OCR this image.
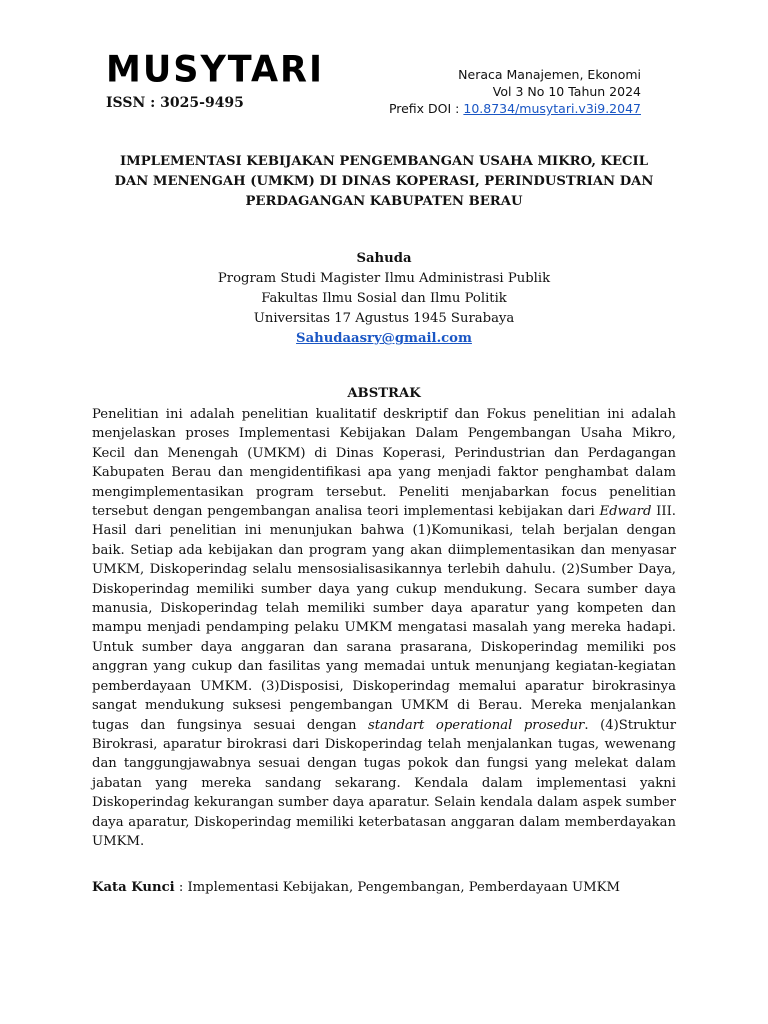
MUSYTARI
ISSN : 3025-9495
Neraca Manajemen, Ekonomi
Vol 3 No 10 Tahun 2024
Prefix DOI : 10.8734/musytari.v3i9.2047
IMPLEMENTASI KEBIJAKAN PENGEMBANGAN USAHA MIKRO, KECIL
DAN MENENGAH (UMKM) DI DINAS KOPERASI, PERINDUSTRIAN DAN
PERDAGANGAN KABUPATEN BERAU
Sahuda
Program Studi Magister Ilmu Administrasi Publik
Fakultas Ilmu Sosial dan Ilmu Politik
Universitas 17 Agustus 1945 Surabaya
Sahudaasry@gmail.com
ABSTRAK
Penelitian ini adalah penelitian kualitatif deskriptif dan Fokus penelitian ini adalah menjelaskan proses Implementasi Kebijakan Dalam Pengembangan Usaha Mikro, Kecil dan Menengah (UMKM) di Dinas Koperasi, Perindustrian dan Perdagangan Kabupaten Berau dan mengidentifikasi apa yang menjadi faktor penghambat dalam mengimplementasikan program tersebut. Peneliti menjabarkan focus penelitian tersebut dengan pengembangan analisa teori implementasi kebijakan dari Edward III. Hasil dari penelitian ini menunjukan bahwa (1)Komunikasi, telah berjalan dengan baik. Setiap ada kebijakan dan program yang akan diimplementasikan dan menyasar UMKM, Diskoperindag selalu mensosialisasikannya terlebih dahulu. (2)Sumber Daya, Diskoperindag memiliki sumber daya yang cukup mendukung. Secara sumber daya manusia, Diskoperindag telah memiliki sumber daya aparatur yang kompeten dan mampu menjadi pendamping pelaku UMKM mengatasi masalah yang mereka hadapi. Untuk sumber daya anggaran dan sarana prasarana, Diskoperindag memiliki pos anggran yang cukup dan fasilitas yang memadai untuk menunjang kegiatan-kegiatan pemberdayaan UMKM. (3)Disposisi, Diskoperindag memalui aparatur birokrasinya sangat mendukung suksesi pengembangan UMKM di Berau. Mereka menjalankan tugas dan fungsinya sesuai dengan standart operational prosedur. (4)Struktur Birokrasi, aparatur birokrasi dari Diskoperindag telah menjalankan tugas, wewenang dan tanggungjawabnya sesuai dengan tugas pokok dan fungsi yang melekat dalam jabatan yang mereka sandang sekarang. Kendala dalam implementasi yakni Diskoperindag kekurangan sumber daya aparatur. Selain kendala dalam aspek sumber daya aparatur, Diskoperindag memiliki keterbatasan anggaran dalam memberdayakan UMKM.
Kata Kunci : Implementasi Kebijakan, Pengembangan, Pemberdayaan UMKM
